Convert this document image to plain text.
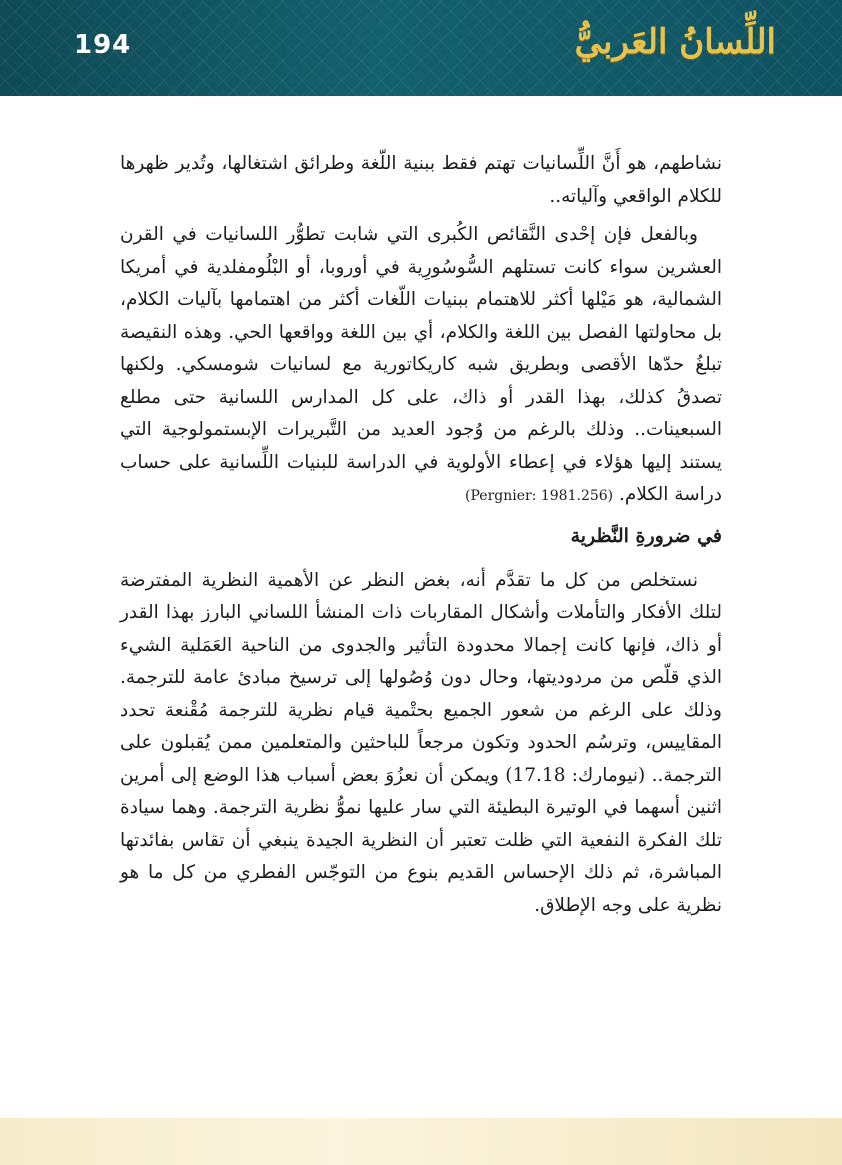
194	اللِّسانُ العَربيُّ

نشاطهم، هو أَنَّ اللِّسانيات تهتم فقط ببنية اللّغة وطرائق اشتغالها، وتُدير ظهرها للكلام الواقعي وآلياته..

وبالفعل فإن إحْدى النَّقائص الكُبرى التي شابت تطوُّر اللسانيات في القرن العشرين سواء كانت تستلهم السُّوسُورِية في أوروبا، أو البْلُومفلدية في أمريكا الشمالية، هو مَيْلها أكثر للاهتمام ببنيات اللّغات أكثر من اهتمامها بآليات الكلام، بل محاولتها الفصل بين اللغة والكلام، أي بين اللغة وواقعها الحي. وهذه النقيصة تبلغُ حدّها الأقصى وبطريق شبه كاريكاتورية مع لسانيات شومسكي. ولكنها تصدقُ كذلك، بهذا القدر أو ذاك، على كل المدارس اللسانية حتى مطلع السبعينات.. وذلك بالرغم من وُجود العديد من التَّبريرات الإبستمولوجية التي يستند إليها هؤلاء في إعطاء الأولوية في الدراسة للبنيات اللِّسانية على حساب دراسة الكلام. (Pergnier: 1981.256)

في ضرورةِ النَّظرية

نستخلص من كل ما تقدَّم أنه، بغض النظر عن الأهمية النظرية المفترضة لتلك الأفكار والتأملات وأشكال المقاربات ذات المنشأ اللساني البارز بهذا القدر أو ذاك، فإنها كانت إجمالا محدودة التأثير والجدوى من الناحية العَمَلية الشيء الذي قلّص من مردوديتها، وحال دون وُصُولها إلى ترسيخ مبادئ عامة للترجمة. وذلك على الرغم من شعور الجميع بحتْمية قيام نظرية للترجمة مُقْنعة تحدد المقاييس، وترسُم الحدود وتكون مرجعاً للباحثين والمتعلمين ممن يُقبلون على الترجمة.. (نيومارك: 17.18) ويمكن أن نعزُوَ بعض أسباب هذا الوضع إلى أمرين اثنين أسهما في الوتيرة البطيئة التي سار عليها نموُّ نظرية الترجمة. وهما سيادة تلك الفكرة النفعية التي ظلت تعتبر أن النظرية الجيدة ينبغي أن تقاس بفائدتها المباشرة، ثم ذلك الإحساس القديم بنوع من التوجّس الفطري من كل ما هو نظرية على وجه الإطلاق.
